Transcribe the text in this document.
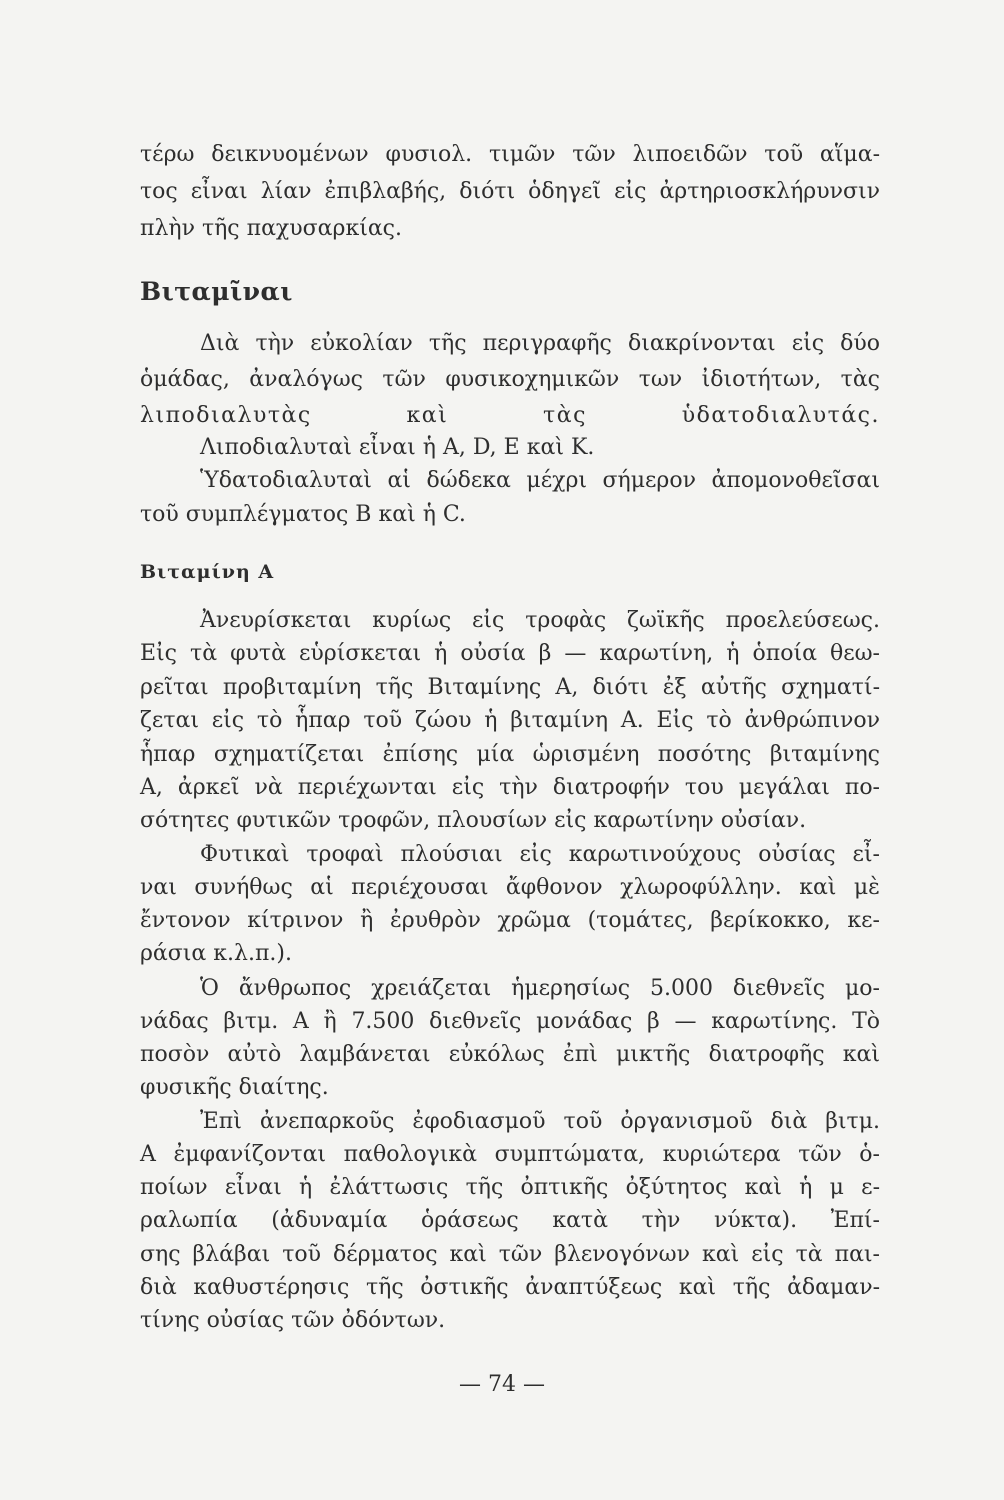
τέρω δεικνυομένων φυσιολ. τιμῶν τῶν λιποειδῶν τοῦ αἵμα-
τος εἶναι λίαν ἐπιβλαβής, διότι ὁδηγεῖ εἰς ἀρτηριοσκλήρυνσιν
πλὴν τῆς παχυσαρκίας.
Βιταμῖναι
Διὰ τὴν εὐκολίαν τῆς περιγραφῆς διακρίνονται εἰς δύο
ὁμάδας, ἀναλόγως τῶν φυσικοχημικῶν των ἰδιοτήτων, τὰς
λιποδιαλυτὰς καὶ τὰς ὑδατοδιαλυτάς.
Λιποδιαλυταὶ εἶναι ἡ A, D, E καὶ K.
Ὑδατοδιαλυταὶ αἱ δώδεκα μέχρι σήμερον ἀπομονοθεῖσαι
τοῦ συμπλέγματος B καὶ ἡ C.
Βιταμίνη Α
Ἀνευρίσκεται κυρίως εἰς τροφὰς ζωϊκῆς προελεύσεως.
Εἰς τὰ φυτὰ εὑρίσκεται ἡ οὐσία β — καρωτίνη, ἡ ὁποία θεω-
ρεῖται προβιταμίνη τῆς Βιταμίνης Α, διότι ἐξ αὐτῆς σχηματί-
ζεται εἰς τὸ ἧπαρ τοῦ ζώου ἡ βιταμίνη Α. Εἰς τὸ ἀνθρώπινον
ἧπαρ σχηματίζεται ἐπίσης μία ὡρισμένη ποσότης βιταμίνης
Α, ἀρκεῖ νὰ περιέχωνται εἰς τὴν διατροφήν του μεγάλαι πο-
σότητες φυτικῶν τροφῶν, πλουσίων εἰς καρωτίνην οὐσίαν.
Φυτικαὶ τροφαὶ πλούσιαι εἰς καρωτινούχους οὐσίας εἶ-
ναι συνήθως αἱ περιέχουσαι ἄφθονον χλωροφύλλην. καὶ μὲ
ἔντονον κίτρινον ἢ ἐρυθρὸν χρῶμα (τομάτες, βερίκοκκο, κε-
ράσια κ.λ.π.).
Ὁ ἄνθρωπος χρειάζεται ἡμερησίως 5.000 διεθνεῖς μο-
νάδας βιτμ. Α ἢ 7.500 διεθνεῖς μονάδας β — καρωτίνης. Τὸ
ποσὸν αὐτὸ λαμβάνεται εὐκόλως ἐπὶ μικτῆς διατροφῆς καὶ
φυσικῆς διαίτης.
Ἐπὶ ἀνεπαρκοῦς ἐφοδιασμοῦ τοῦ ὀργανισμοῦ διὰ βιτμ.
Α ἐμφανίζονται παθολογικὰ συμπτώματα, κυριώτερα τῶν ὁ-
ποίων εἶναι ἡ ἐλάττωσις τῆς ὀπτικῆς ὀξύτητος καὶ ἡ μ ε-
ραλωπία (ἀδυναμία ὁράσεως κατὰ τὴν νύκτα). Ἐπί-
σης βλάβαι τοῦ δέρματος καὶ τῶν βλενογόνων καὶ εἰς τὰ παι-
διὰ καθυστέρησις τῆς ὀστικῆς ἀναπτύξεως καὶ τῆς ἀδαμαν-
τίνης οὐσίας τῶν ὀδόντων.
— 74 —
